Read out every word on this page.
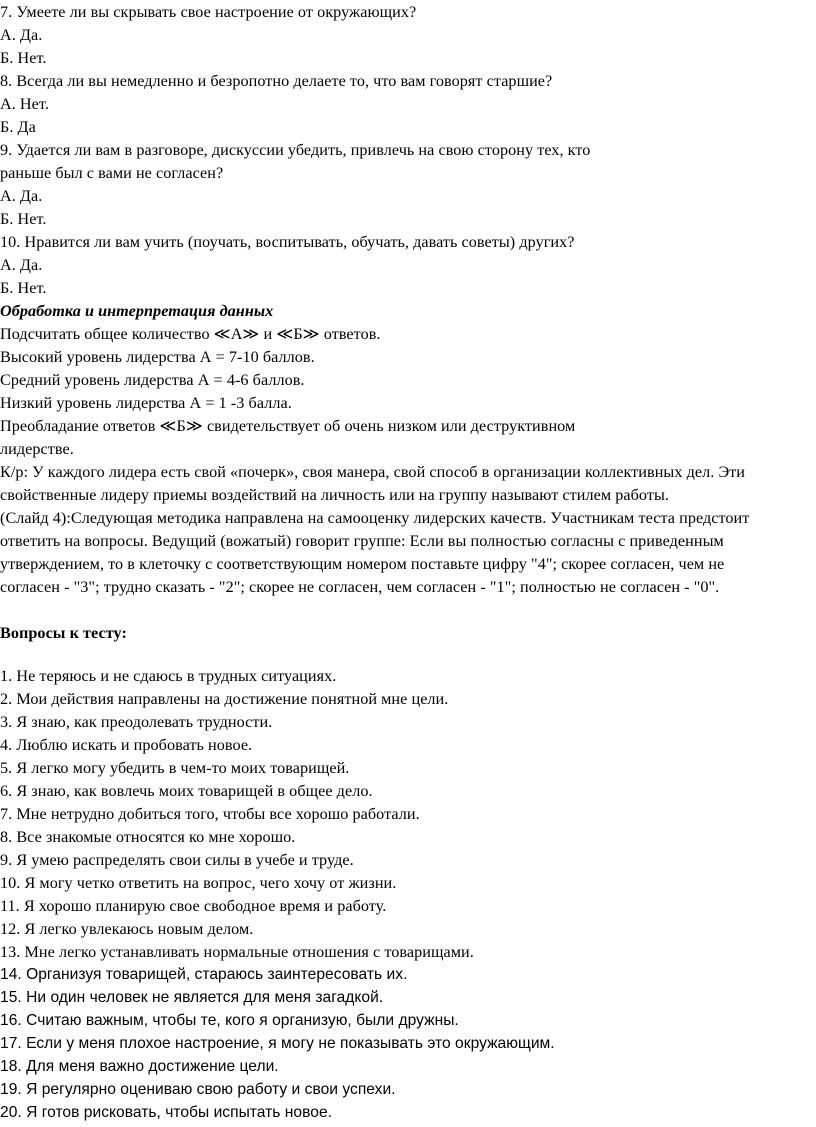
7. Умеете ли вы скрывать свое настроение от окружающих?
А. Да.
Б. Нет.
8. Всегда ли вы немедленно и безропотно делаете то, что вам говорят старшие?
А. Нет.
Б. Да
9. Удается ли вам в разговоре, дискуссии убедить, привлечь на свою сторону тех, кто
раньше был с вами не согласен?
А. Да.
Б. Нет.
10. Нравится ли вам учить (поучать, воспитывать, обучать, давать советы) других?
А. Да.
Б. Нет.
Обработка и интерпретация данных
Подсчитать общее количество ≪А≫ и ≪Б≫ ответов.
Высокий уровень лидерства А = 7-10 баллов.
Средний уровень лидерства А = 4-6 баллов.
Низкий уровень лидерства А = 1 -3 балла.
Преобладание ответов ≪Б≫ свидетельствует об очень низком или деструктивном
лидерстве.
К/р: У каждого лидера есть свой «почерк», своя манера, свой способ в организации коллективных дел. Эти
свойственные лидеру приемы воздействий на личность или на группу называют стилем работы.
(Слайд 4):Следующая методика направлена на самооценку лидерских качеств. Участникам теста предстоит
ответить на вопросы. Ведущий (вожатый) говорит группе: Если вы полностью согласны с приведенным
утверждением, то в клеточку с соответствующим номером поставьте цифру "4"; скорее согласен, чем не
согласен - "3"; трудно сказать - "2"; скорее не согласен, чем согласен - "1"; полностью не согласен - "0".
Вопросы к тесту:
1. Не теряюсь и не сдаюсь в трудных ситуациях.
2. Мои действия направлены на достижение понятной мне цели.
3. Я знаю, как преодолевать трудности.
4. Люблю искать и пробовать новое.
5. Я легко могу убедить в чем-то моих товарищей.
6. Я знаю, как вовлечь моих товарищей в общее дело.
7. Мне нетрудно добиться того, чтобы все хорошо работали.
8. Все знакомые относятся ко мне хорошо.
9. Я умею распределять свои силы в учебе и труде.
10. Я могу четко ответить на вопрос, чего хочу от жизни.
11. Я хорошо планирую свое свободное время и работу.
12. Я легко увлекаюсь новым делом.
13. Мне легко устанавливать нормальные отношения с товарищами.
14. Организуя товарищей, стараюсь заинтересовать их.
15. Ни один человек не является для меня загадкой.
16. Считаю важным, чтобы те, кого я организую, были дружны.
17. Если у меня плохое настроение, я могу не показывать это окружающим.
18. Для меня важно достижение цели.
19. Я регулярно оцениваю свою работу и свои успехи.
20. Я готов рисковать, чтобы испытать новое.
